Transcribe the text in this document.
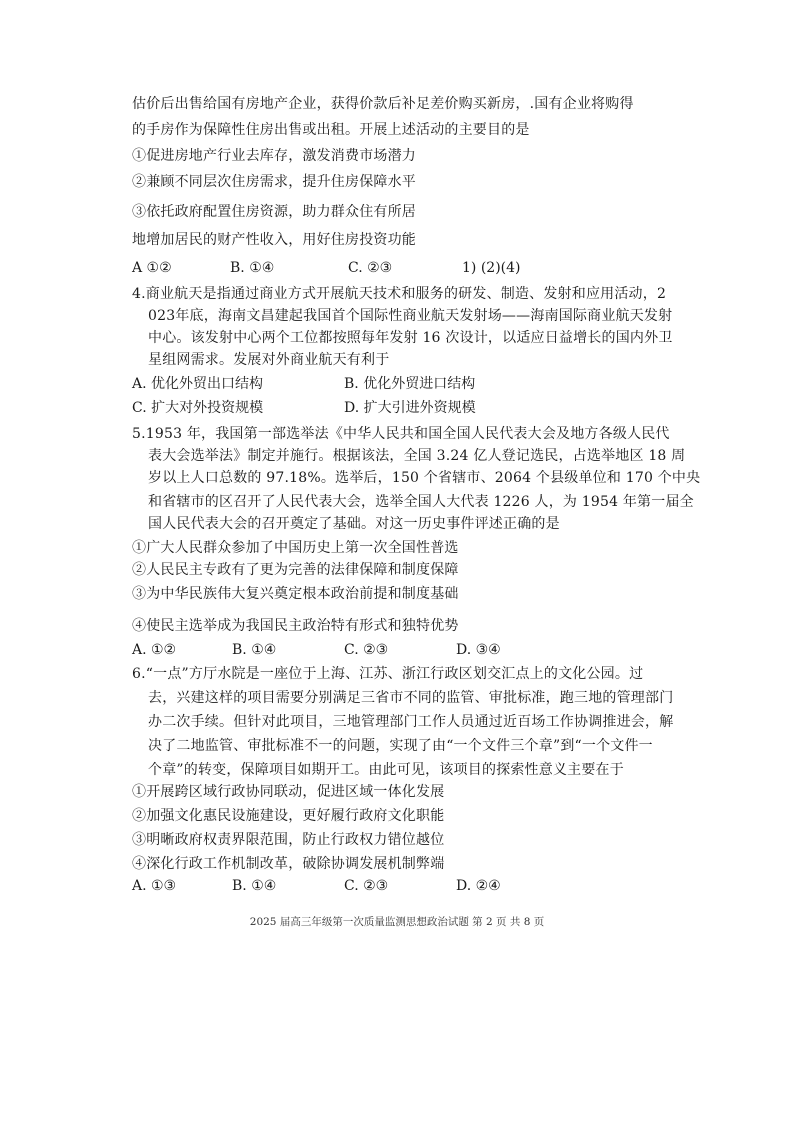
估价后出售给国有房地产企业，获得价款后补足差价购买新房，.国有企业将购得
的手房作为保障性住房出售或出租。开展上述活动的主要目的是
①促进房地产行业去库存，激发消费市场潜力
②兼顾不同层次住房需求，提升住房保障水平
③依托政府配置住房资源，助力群众住有所居
地增加居民的财产性收入，用好住房投资功能
A ①②	B. ①④	C. ②③	1) (2)(4)
4.商业航天是指通过商业方式开展航天技术和服务的研发、制造、发射和应用活动，2
023年底，海南文昌建起我国首个国际性商业航天发射场——海南国际商业航天发射
中心。该发射中心两个工位都按照每年发射 16 次设计，以适应日益增长的国内外卫
星组网需求。发展对外商业航天有利于
A. 优化外贸出口结构	B. 优化外贸进口结构
C. 扩大对外投资规模	D. 扩大引进外资规模
5.1953 年，我国第一部选举法《中华人民共和国全国人民代表大会及地方各级人民代
表大会选举法》制定并施行。根据该法，全国 3.24 亿人登记选民，占选举地区 18 周
岁以上人口总数的 97.18%。选举后，150 个省辖市、2064 个县级单位和 170 个中央
和省辖市的区召开了人民代表大会，选举全国人大代表 1226 人，为 1954 年第一届全
国人民代表大会的召开奠定了基础。对这一历史事件评述正确的是
①广大人民群众参加了中国历史上第一次全国性普选
②人民民主专政有了更为完善的法律保障和制度保障
③为中华民族伟大复兴奠定根本政治前提和制度基础
④使民主选举成为我国民主政治特有形式和独特优势
A. ①②	B. ①④	C. ②③	D. ③④
6.“一点”方厅水院是一座位于上海、江苏、浙江行政区划交汇点上的文化公园。过
去，兴建这样的项目需要分别满足三省市不同的监管、审批标准，跑三地的管理部门
办二次手续。但针对此项目，三地管理部门工作人员通过近百场工作协调推进会，解
决了二地监管、审批标准不一的问题，实现了由“一个文件三个章”到“一个文件一
个章”的转变，保障项目如期开工。由此可见，该项目的探索性意义主要在于
①开展跨区域行政协同联动，促进区域一体化发展
②加强文化惠民设施建设，更好履行政府文化职能
③明晰政府权责界限范围，防止行政权力错位越位
④深化行政工作机制改革，破除协调发展机制弊端
A. ①③	B. ①④	C. ②③	D. ②④
2025 届高三年级第一次质量监测思想政治试题 第 2 页 共 8 页
